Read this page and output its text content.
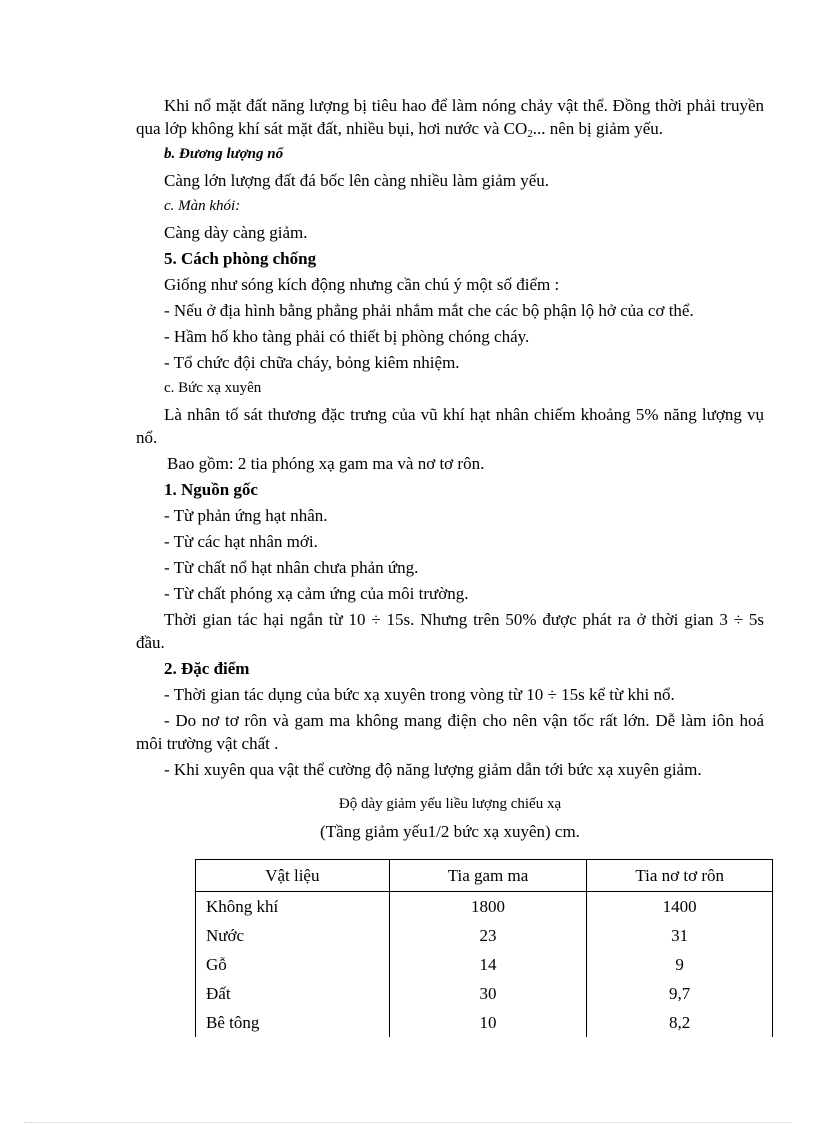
Khi nổ mặt đất năng lượng bị tiêu hao để làm nóng chảy vật thể. Đồng thời phải truyền qua lớp không khí sát mặt đất, nhiều bụi, hơi nước và $CO_2$... nên bị giảm yếu.

b. Đương lượng nổ

Càng lớn lượng đất đá bốc lên càng nhiều làm giảm yếu.

c. Màn khói:

Càng dày càng giảm.

5. Cách phòng chống

Giống như sóng kích động nhưng cần chú ý một số điểm :

- Nếu ở địa hình bằng phẳng phải nhắm mắt che các bộ phận lộ hở của cơ thể.

- Hầm hố kho tàng phải có thiết bị phòng chóng cháy.

- Tổ chức đội chữa cháy, bỏng kiêm nhiệm.

c. Bức xạ xuyên

Là nhân tố sát thương đặc trưng của vũ khí hạt nhân chiếm khoảng 5% năng lượng vụ nổ.

Bao gồm: 2 tia phóng xạ gam ma và nơ tơ rôn.

1. Nguồn gốc

- Từ phản ứng hạt nhân.

- Từ các hạt nhân mới.

- Từ chất nổ hạt nhân chưa phản ứng.

- Từ chất phóng xạ cảm ứng của môi trường.

Thời gian tác hại ngắn từ 10 ÷ 15s. Nhưng trên 50% được phát ra ở thời gian 3 ÷ 5s đầu.

2. Đặc điểm

- Thời gian tác dụng của bức xạ xuyên trong vòng từ 10 ÷ 15s kể từ khi nổ.

- Do nơ tơ rôn và gam ma không mang điện cho nên vận tốc rất lớn. Dễ làm iôn hoá môi trường vật chất .

- Khi xuyên qua vật thể cường độ năng lượng giảm dẫn tới bức xạ xuyên giảm.

Độ dày giảm yếu liều lượng chiếu xạ

(Tầng giảm yếu1/2 bức xạ xuyên) cm.

Vật liệu	Tia gam ma	Tia nơ tơ rôn
Không khí	1800	1400
Nước	23	31
Gỗ	14	9
Đất	30	9,7
Bê tông	10	8,2
